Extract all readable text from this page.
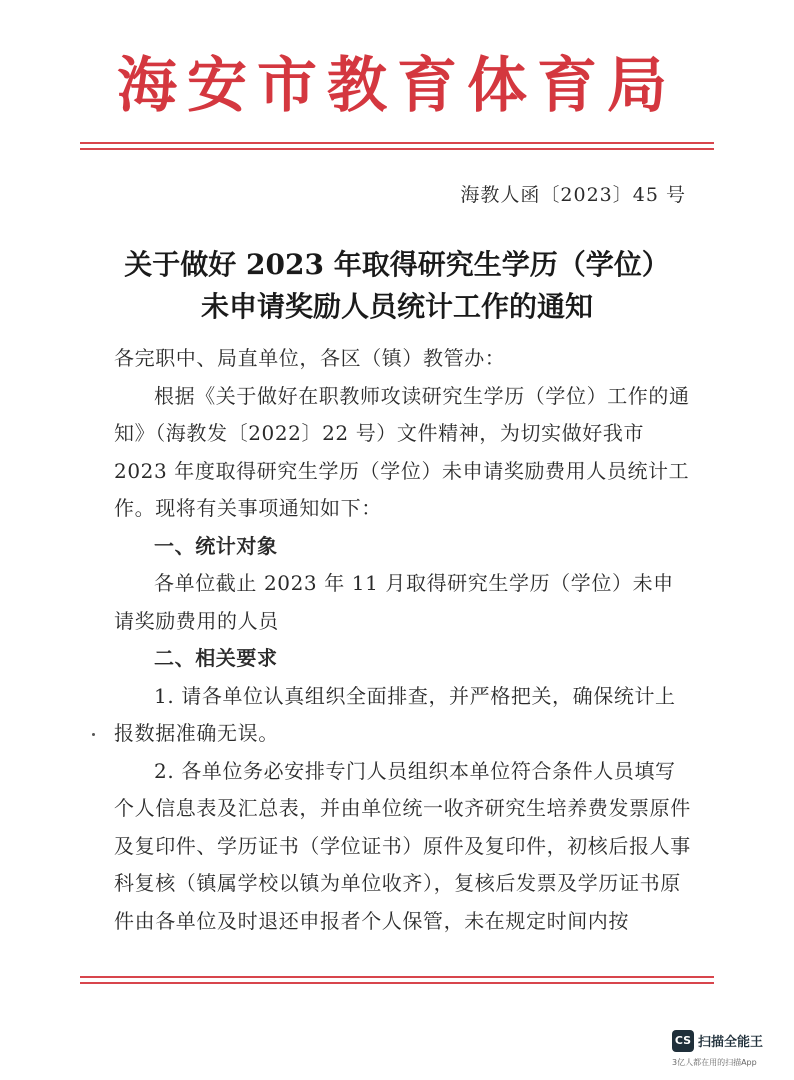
海安市教育体育局
海教人函〔2023〕45 号
关于做好 2023 年取得研究生学历（学位）
未申请奖励人员统计工作的通知

各完职中、局直单位，各区（镇）教管办：

根据《关于做好在职教师攻读研究生学历（学位）工作的通知》（海教发〔2022〕22 号）文件精神，为切实做好我市 2023 年度取得研究生学历（学位）未申请奖励费用人员统计工作。现将有关事项通知如下：

一、统计对象

各单位截止 2023 年 11 月取得研究生学历（学位）未申请奖励费用的人员

二、相关要求

1. 请各单位认真组织全面排查，并严格把关，确保统计上报数据准确无误。

2. 各单位务必安排专门人员组织本单位符合条件人员填写个人信息表及汇总表，并由单位统一收齐研究生培养费发票原件及复印件、学历证书（学位证书）原件及复印件，初核后报人事科复核（镇属学校以镇为单位收齐），复核后发票及学历证书原件由各单位及时退还申报者个人保管，未在规定时间内按

CS 扫描全能王
3亿人都在用的扫描App
